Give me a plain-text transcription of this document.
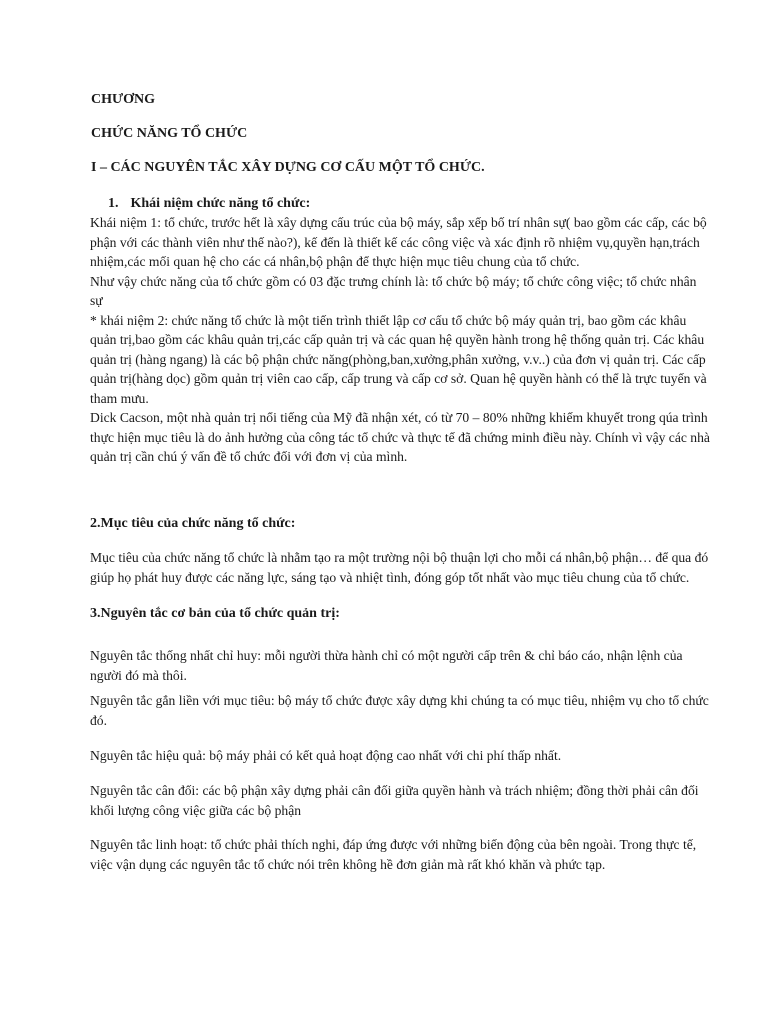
CHƯƠNG

CHỨC NĂNG TỔ CHỨC

I – CÁC NGUYÊN TẮC XÂY DỰNG CƠ CẤU MỘT TỔ CHỨC.

1. Khái niệm chức năng tổ chức:

Khái niệm 1: tổ chức, trước hết là xây dựng cấu trúc của bộ máy, sắp xếp bố trí nhân sự( bao gồm các cấp, các bộ phận với các thành viên như thế nào?), kế đến là thiết kế các công việc và xác định rõ nhiệm vụ,quyền hạn,trách nhiệm,các mối quan hệ cho các cá nhân,bộ phận để thực hiện mục tiêu chung của tổ chức.

Như vậy chức năng của tổ chức gồm có 03 đặc trưng chính là: tổ chức bộ máy; tổ chức công việc; tổ chức nhân sự

* khái niệm 2: chức năng tổ chức là một tiến trình thiết lập cơ cấu tổ chức bộ máy quản trị, bao gồm các khâu quản trị,bao gồm các khâu quản trị,các cấp quản trị và các quan hệ quyền hành trong hệ thống quản trị. Các khâu quản trị (hàng ngang) là các bộ phận chức năng(phòng,ban,xưởng,phân xưởng, v.v..) của đơn vị quản trị. Các cấp quản trị(hàng dọc) gồm quản trị viên cao cấp, cấp trung và cấp cơ sở. Quan hệ quyền hành có thể là trực tuyến và tham mưu.

Dick Cacson, một nhà quản trị nổi tiếng của Mỹ đã nhận xét, có từ 70 – 80% những khiếm khuyết trong qúa trình thực hiện mục tiêu là do ảnh hưởng của công tác tổ chức và thực tế đã chứng minh điều này. Chính vì vậy các nhà quản trị cần chú ý vấn đề tổ chức đối với đơn vị của mình.

2.Mục tiêu của chức năng tổ chức:

Mục tiêu của chức năng tổ chức là nhằm tạo ra một trường nội bộ thuận lợi cho mỗi cá nhân,bộ phận… để qua đó giúp họ phát huy được các năng lực, sáng tạo và nhiệt tình, đóng góp tốt nhất vào mục tiêu chung của tổ chức.

3.Nguyên tắc cơ bản của tổ chức quản trị:

Nguyên tắc thống nhất chỉ huy: mỗi người thừa hành chỉ có một người cấp trên & chỉ báo cáo, nhận lệnh của người đó mà thôi.

Nguyên tắc gắn liền với mục tiêu: bộ máy tổ chức được xây dựng khi chúng ta có mục tiêu, nhiệm vụ cho tổ chức đó.

Nguyên tắc hiệu quả: bộ máy phải có kết quả hoạt động cao nhất với chi phí thấp nhất.

Nguyên tắc cân đối: các bộ phận xây dựng phải cân đối giữa quyền hành và trách nhiệm; đồng thời phải cân đối khối lượng công việc giữa các bộ phận

Nguyên tắc linh hoạt: tổ chức phải thích nghi, đáp ứng được với những biến động của bên ngoài. Trong thực tế, việc vận dụng các nguyên tắc tổ chức nói trên không hề đơn giản mà rất khó khăn và phức tạp.
